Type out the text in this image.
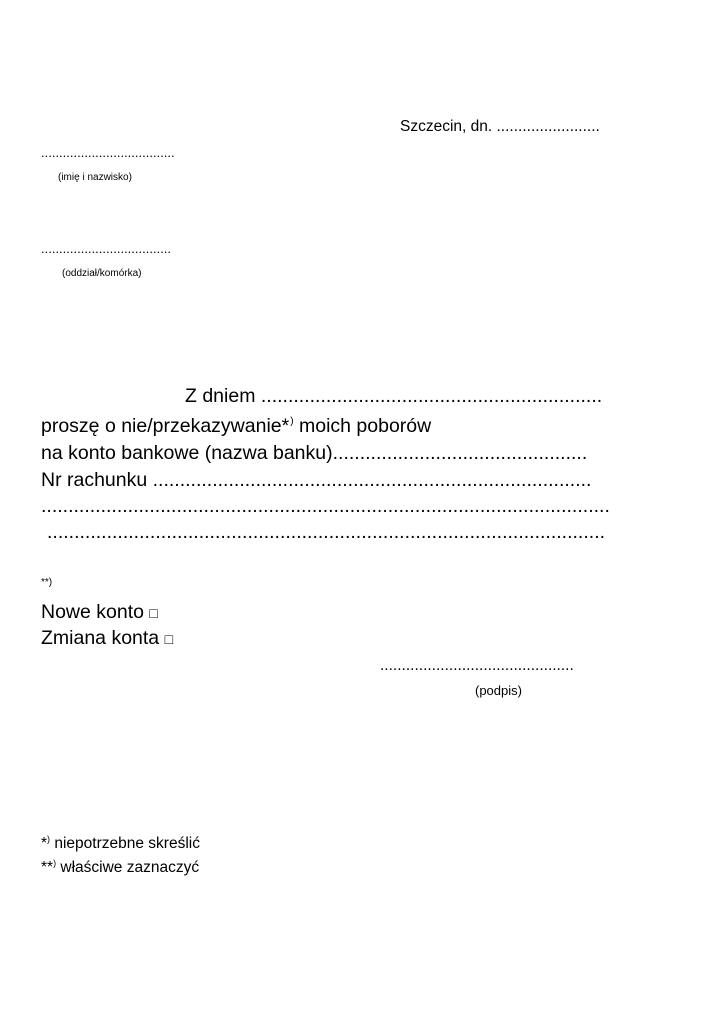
Szczecin, dn. ........................
.....................................
(imię i nazwisko)
....................................
(oddział/komórka)
Z dniem ...............................................................
proszę o nie/przekazywanie*) moich poborów
na konto bankowe (nazwa banku)...............................................
Nr rachunku .................................................................................
.........................................................................................................
.......................................................................................................
**)
Nowe konto □
Zmiana konta □
.............................................
(podpis)
*) niepotrzebne skreślić
**) właściwe zaznaczyć
